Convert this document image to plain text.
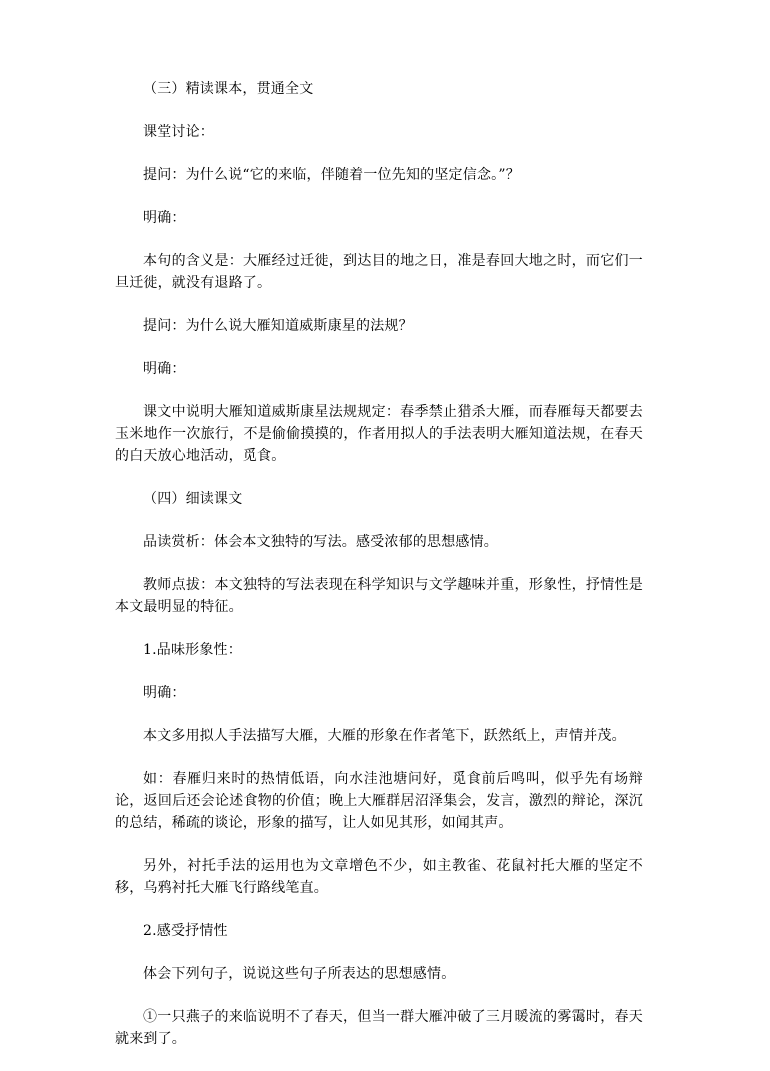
（三）精读课本，贯通全文

课堂讨论：

提问：为什么说“它的来临，伴随着一位先知的坚定信念。”？

明确：

本句的含义是：大雁经过迁徙，到达目的地之日，准是春回大地之时，而它们一旦迁徙，就没有退路了。

提问：为什么说大雁知道威斯康星的法规？

明确：

课文中说明大雁知道威斯康星法规规定：春季禁止猎杀大雁，而春雁每天都要去玉米地作一次旅行，不是偷偷摸摸的，作者用拟人的手法表明大雁知道法规，在春天的白天放心地活动，觅食。

（四）细读课文

品读赏析：体会本文独特的写法。感受浓郁的思想感情。

教师点拔：本文独特的写法表现在科学知识与文学趣味并重，形象性，抒情性是本文最明显的特征。

1.品味形象性：

明确：

本文多用拟人手法描写大雁，大雁的形象在作者笔下，跃然纸上，声情并茂。

如：春雁归来时的热情低语，向水洼池塘问好，觅食前后鸣叫，似乎先有场辩论，返回后还会论述食物的价值；晚上大雁群居沼泽集会，发言，激烈的辩论，深沉的总结，稀疏的谈论，形象的描写，让人如见其形，如闻其声。

另外，衬托手法的运用也为文章增色不少，如主教雀、花鼠衬托大雁的坚定不移，乌鸦衬托大雁飞行路线笔直。

2.感受抒情性

体会下列句子，说说这些句子所表达的思想感情。

①一只燕子的来临说明不了春天，但当一群大雁冲破了三月暖流的雾霭时，春天就来到了。
